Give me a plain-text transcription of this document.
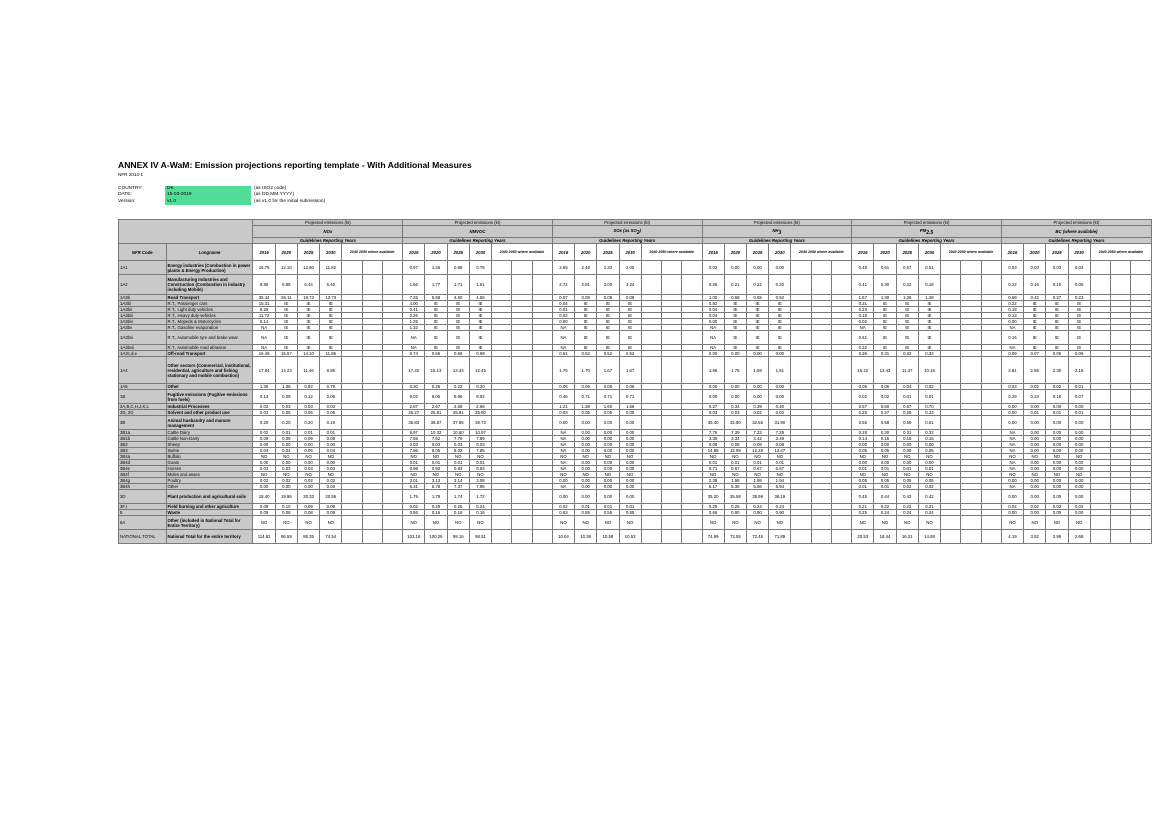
ANNEX IV A-WaM: Emission projections reporting template - With Additional Measures
NFR 2014-1
COUNTRY:	DK	(as ISO2 code)
DATE:	15-03-2019	(as DD.MM.YYYY)
Version:	v1.0	(as v1.0 for the initial submission)
		Projected emissions (kt)							Projected emissions (kt)							Projected emissions (kt)							Projected emissions (kt)							Projected emissions (kt)							Projected emissions (kt)						
		NOx							NMVOC							SOx (as $SO_2$)							$NH_3$							$PM_{2.5}$							BC (where available)						
		Guidelines Reporting Years							Guidelines Reporting Years							Guidelines Reporting Years							Guidelines Reporting Years							Guidelines Reporting Years							Guidelines Reporting Years						
NFR Code	Longname	2016	2020	2025	2030	2040 2050 where available			2016	2020	2025	2030	2040 2050 where available			2016	2020	2025	2030	2040 2050 where available			2016	2020	2025	2030	2040 2050 where available			2016	2020	2025	2030	2040 2050 where available			2016	2020	2025	2030	2040 2050 where available		
1A1	Energy industries (Combustion in power plants & Energy Production)	16.75	12.10	12.80	11.82				0.97	1.25	0.98	0.76				2.55	2.49	2.33	2.00				0.02	0.00	0.00	0.00				0.48	0.61	0.57	0.51				0.03	0.03	0.03	0.03			
1A2	Manufacturing Industries and Construction (Combustion in industry including Mobile)	8.85	6.88	6.44	6.40				1.66	1.77	1.71	1.61				2.72	2.81	3.00	3.24				0.26	0.21	0.22	0.20				0.41	0.30	0.22	0.18				0.22	0.16	0.10	0.06			
1A3b	Road Transport	35.44	26.11	18.73	13.73				7.26	5.58	4.60	4.56				0.07	0.08	0.08	0.08				1.00	0.68	0.55	0.52				1.67	1.30	1.28	1.28				0.69	0.42	0.27	0.23			
1A3bi	R.T., Passenger cars	15.31	IE	IE	IE				4.00	IE	IE	IE				0.04	IE	IE	IE				0.92	IE	IE	IE				0.31	IE	IE	IE				0.22	IE	IE	IE			
1A3bii	R.T., Light duty vehicles	8.26	IE	IE	IE				0.41	IE	IE	IE				0.01	IE	IE	IE				0.04	IE	IE	IE				0.23	IE	IE	IE				0.18	IE	IE	IE			
1A3biii	R.T., Heavy duty vehicles	11.72	IE	IE	IE				0.26	IE	IE	IE				0.02	IE	IE	IE				0.04	IE	IE	IE				0.18	IE	IE	IE				0.13	IE	IE	IE			
1A3biv	R.T., Mopeds & Motorcycles	0.14	IE	IE	IE				1.25	IE	IE	IE				0.00	IE	IE	IE				0.00	IE	IE	IE				0.02	IE	IE	IE				0.00	IE	IE	IE			
1A3bv	R.T., Gasoline evaporation	NA	IE	IE	IE				1.32	IE	IE	IE				NA	IE	IE	IE				NA	IE	IE	IE				NA	IE	IE	IE				NA	IE	IE	IE			
1A3bvi	R.T., Automobile tyre and brake wear	NA	IE	IE	IE				NA	IE	IE	IE				NA	IE	IE	IE				NA	IE	IE	IE				0.61	IE	IE	IE				0.16	IE	IE	IE			
1A3bvii	R.T., Automobile road abrasion	NA	IE	IE	IE				NA	IE	IE	IE				NA	IE	IE	IE				NA	IE	IE	IE				0.32	IE	IE	IE				NA	IE	IE	IE			
1A3c,d,e	Off-road Transport	16.48	15.67	14.10	11.86				0.74	0.66	0.66	0.68				0.51	0.52	0.52	0.52				0.00	0.00	0.00	0.00				0.36	0.31	0.32	0.32				0.09	0.07	0.06	0.06			
1A4	Other sectors (Commercial, institutional, residential, agriculture and fishing stationary and mobile combustion)	17.84	14.23	11.46	8.86				17.20	15.13	13.33	12.45				1.76	1.70	1.67	1.67				1.86	1.76	1.59	1.51				15.22	13.43	11.37	10.16				2.81	2.56	2.30	2.19			
1A5	Other	1.30	1.08	0.92	0.79				0.30	0.25	0.22	0.20				0.06	0.06	0.06	0.06				0.00	0.00	0.00	0.00				0.08	0.06	0.04	0.02				0.03	0.02	0.02	0.01			
1B	Fugitive emissions (Fugitive emissions from fuels)	0.13	0.09	0.12	0.09				9.02	8.05	8.96	8.92				0.46	0.71	0.71	0.71				0.00	0.00	0.00	0.00				0.02	0.02	0.01	0.01				0.29	0.23	0.18	0.07			
2A,B,C,H,J,K,L	Industrial Processes	0.02	0.03	0.03	0.03				2.67	2.67	2.69	2.69				1.21	1.38	1.60	1.66				0.27	0.34	0.39	0.40				0.57	0.60	0.67	0.70				0.00	0.00	0.00	0.00			
2D, 2G	Solvent and other product use	0.03	0.05	0.05	0.05				25.27	25.81	25.81	25.80				0.03	0.05	0.05	0.05				0.03	0.03	0.02	0.02				0.26	0.27	0.25	0.23				0.00	0.01	0.01	0.01			
3B	Animal husbandry and manure management	0.20	0.20	0.20	0.19				35.83	36.87	37.85	38.73				0.00	0.00	0.00	0.00				35.40	32.80	32.55	31.90				0.55	0.58	0.59	0.61				0.00	0.00	0.00	0.00			
3B1a	Cattle Dairy	0.02	0.01	0.01	0.01				9.97	10.32	10.60	10.97				NA	0.00	0.00	0.00				7.76	7.39	7.33	7.29				0.28	0.30	0.31	0.32				NA	0.00	0.00	0.00			
3B1b	Cattle Non-Dairy	0.09	0.09	0.09	0.08				7.55	7.62	7.76	7.89				NA	0.00	0.00	0.00				3.39	3.34	3.42	3.49				0.14	0.15	0.15	0.16				NA	0.00	0.00	0.00			
3B2	Sheep	0.00	0.00	0.00	0.00				0.03	0.03	0.03	0.03				NA	0.00	0.00	0.00				0.08	0.08	0.08	0.08				0.00	0.00	0.00	0.00				NA	0.00	0.00	0.00			
3B3	Swine	0.04	0.04	0.05	0.04				7.96	8.05	8.02	7.85				NA	0.00	0.00	0.00				14.88	12.99	12.28	12.47				0.05	0.05	0.05	0.05				NA	0.00	0.00	0.00			
3B4a	Buffalo	NO	NO	NO	NO				NO	NO	NO	NO				NO	NO	NO	NO				NO	NO	NO	NO				NO	NO	NO	NO				NO	NO	NO	NO			
3B4d	Goats	0.00	0.00	0.00	0.00				0.01	0.01	0.01	0.01				NA	0.00	0.00	0.00				0.01	0.01	0.01	0.01				0.00	0.00	0.00	0.00				NA	0.00	0.00	0.00			
3B4e	Horses	0.03	0.03	0.03	0.03				0.98	0.93	0.93	0.93				NA	0.00	0.00	0.00				0.71	0.67	0.67	0.67				0.01	0.01	0.01	0.01				NA	0.00	0.00	0.00			
3B4f	Mules and asses	NO	NO	NO	NO				NO	NO	NO	NO				NO	NO	NO	NO				NO	NO	NO	NO				NO	NO	NO	NO				NO	NO	NO	NO			
3B4g	Poultry	0.02	0.02	0.02	0.02				3.01	3.13	3.14	3.08				0.00	0.00	0.00	0.00				2.39	1.98	1.98	1.94				0.05	0.05	0.05	0.05				0.00	0.00	0.00	0.00			
3B4h	Other	0.00	0.00	0.00	0.00				6.31	6.78	7.37	7.96				NA	0.00	0.00	0.00				6.17	5.36	5.66	5.94				0.01	0.01	0.02	0.02				NA	0.00	0.00	0.00			
3D	Plant production and agricultural soils	18.40	19.96	20.33	20.56				1.75	1.79	1.74	1.72				0.00	0.00	0.00	0.00				35.20	35.58	35.99	36.19				0.45	0.44	0.43	0.42				0.00	0.00	0.00	0.00			
3F,I	Field burning and other agriculture	0.09	0.10	0.09	0.09				0.02	0.25	0.25	0.24				0.02	0.01	0.01	0.01				0.25	0.25	0.24	0.24				0.21	0.22	0.22	0.21				0.02	0.02	0.02	0.02			
5	Waste	0.09	0.08	0.08	0.08				0.56	0.16	0.16	0.16				0.63	0.55	0.55	0.55				0.66	0.90	0.90	0.90				0.25	0.24	0.24	0.24				0.00	0.00	0.00	0.00			
6A	Other (included in National Total for Entire Territory)	NO	NO	NO	NO				NO	NO	NO	NO				NO	NO	NO	NO				NO	NO	NO	NO				NO	NO	NO	NO				NO	NO	NO	NO			
NATIONAL TOTAL	National Total for the entire territory	114.82	96.59	85.35	74.54				103.16	100.26	99.16	98.51				10.04	10.36	10.58	10.53				74.99	72.55	72.46	71.89				20.53	18.44	16.21	14.88				4.19	3.52	2.99	2.68			
